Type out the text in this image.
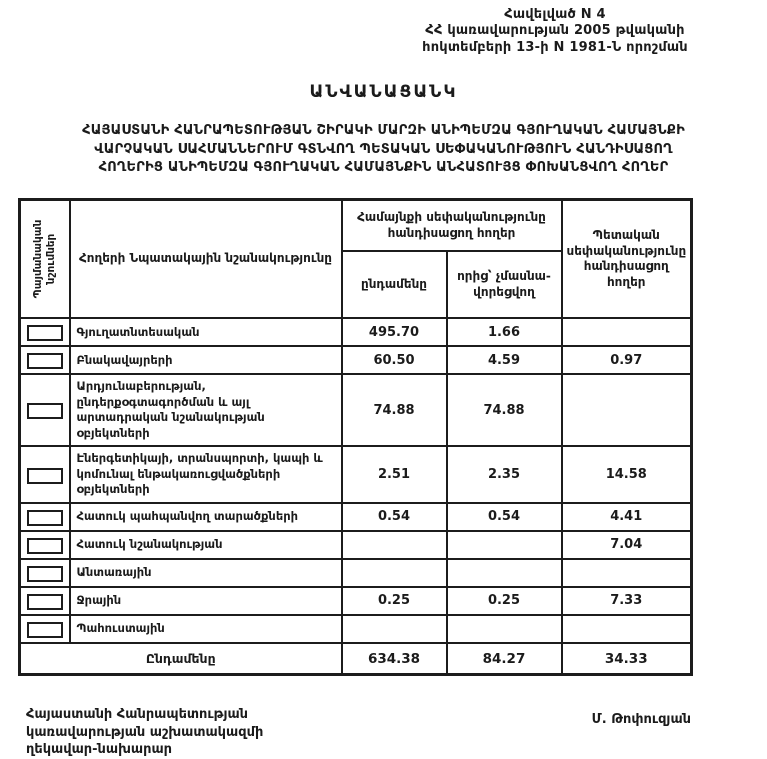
Հավելված N 4
ՀՀ կառավարության 2005 թվականի
հոկտեմբերի 13-ի N 1981-Ն որոշման
ԱՆՎԱՆԱՑԱՆԿ
ՀԱՅԱՍՏԱՆԻ ՀԱՆՐԱՊԵՏՈՒԹՅԱՆ ՇԻՐԱԿԻ ՄԱՐԶԻ ԱՆԻՊԵՄԶԱ ԳՅՈՒՂԱԿԱՆ ՀԱՄԱՅՆՔԻ
ՎԱՐՉԱԿԱՆ ՍԱՀՄԱՆՆԵՐՈՒՄ ԳՏՆՎՈՂ ՊԵՏԱԿԱՆ ՍԵՓԱԿԱՆՈՒԹՅՈՒՆ ՀԱՆԴԻՍԱՑՈՂ
ՀՈՂԵՐԻՑ ԱՆԻՊԵՄԶԱ ԳՅՈՒՂԱԿԱՆ ՀԱՄԱՅՆՔԻՆ ԱՆՀԱՏՈՒՅՑ ՓՈԽԱՆՑՎՈՂ ՀՈՂԵՐ
Պայմանական նշումներ	Հողերի Նպատակային նշանակությունը	Համայնքի սեփականությունը հանդիսացող հողեր		Պետական սեփականությունը հանդիսացող հողեր
		ընդամենը	որից՝ չմասնա-վորեցվող	
	Գյուղատնտեսական	495.70	1.66	
	Բնակավայրերի	60.50	4.59	0.97
	Արդյունաբերության, ընդերքօգտագործման և այլ արտադրական նշանակության օբյեկտների	74.88	74.88	
	Էներգետիկայի, տրանսպորտի, կապի և կոմունալ ենթակառուցվածքների օբյեկտների	2.51	2.35	14.58
	Հատուկ պահպանվող տարածքների	0.54	0.54	4.41
	Հատուկ նշանակության			7.04
	Անտառային			
	Ջրային	0.25	0.25	7.33
	Պահուստային			
Ընդամենը		634.38	84.27	34.33
Հայաստանի Հանրապետության
կառավարության աշխատակազմի
ղեկավար-նախարար
Մ. Թոփուզյան
